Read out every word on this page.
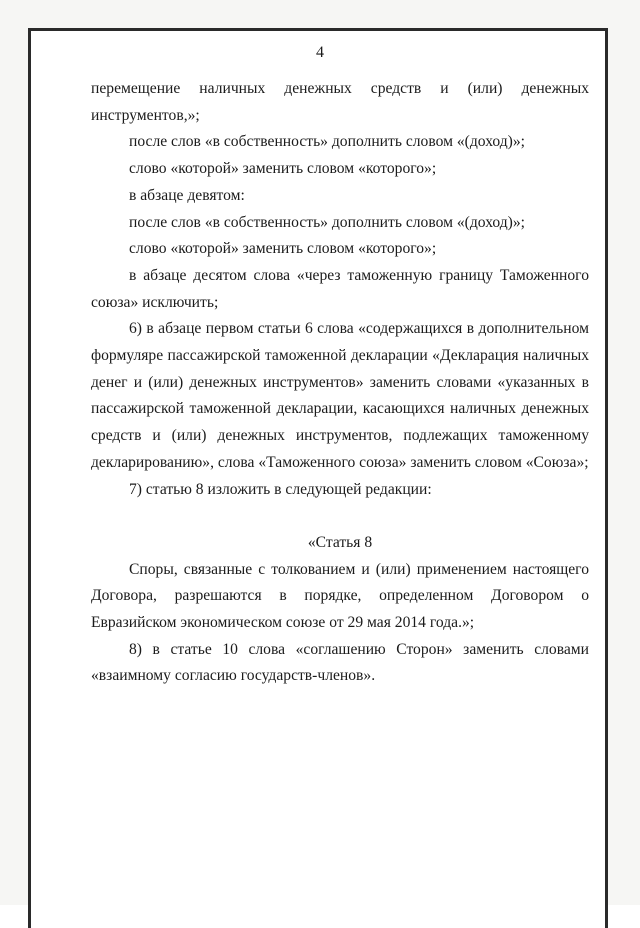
4

перемещение наличных денежных средств и (или) денежных инструментов,»;

после слов «в собственность» дополнить словом «(доход)»;

слово «которой» заменить словом «которого»;

в абзаце девятом:

после слов «в собственность» дополнить словом «(доход)»;

слово «которой» заменить словом «которого»;

в абзаце десятом слова «через таможенную границу Таможенного союза» исключить;

6) в абзаце первом статьи 6 слова «содержащихся в дополнительном формуляре пассажирской таможенной декларации «Декларация наличных денег и (или) денежных инструментов» заменить словами «указанных в пассажирской таможенной декларации, касающихся наличных денежных средств и (или) денежных инструментов, подлежащих таможенному декларированию», слова «Таможенного союза» заменить словом «Союза»;

7) статью 8 изложить в следующей редакции:

«Статья 8

Споры, связанные с толкованием и (или) применением настоящего Договора, разрешаются в порядке, определенном Договором о Евразийском экономическом союзе от 29 мая 2014 года.»;

8) в статье 10 слова «соглашению Сторон» заменить словами «взаимному согласию государств-членов».
